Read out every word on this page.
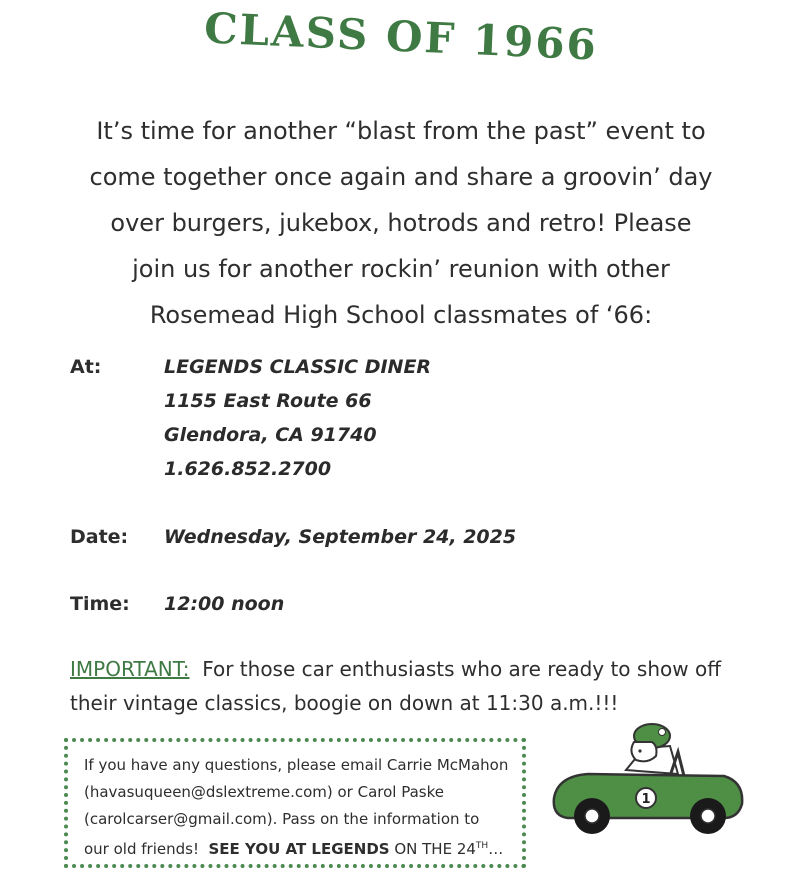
CLASS OF 1966
It’s time for another “blast from the past” event to
come together once again and share a groovin’ day
over burgers, jukebox, hotrods and retro! Please
join us for another rockin’ reunion with other
Rosemead High School classmates of ‘66:
At:	LEGENDS CLASSIC DINER
1155 East Route 66
Glendora, CA 91740
1.626.852.2700
Date: Wednesday, September 24, 2025
Time: 12:00 noon
IMPORTANT: For those car enthusiasts who are ready to show off
their vintage classics, boogie on down at 11:30 a.m.!!!
If you have any questions, please email Carrie McMahon
(havasuqueen@dslextreme.com) or Carol Paske
(carolcarser@gmail.com). Pass on the information to
our old friends!  SEE YOU AT LEGENDS ON THE 24TH…
1
